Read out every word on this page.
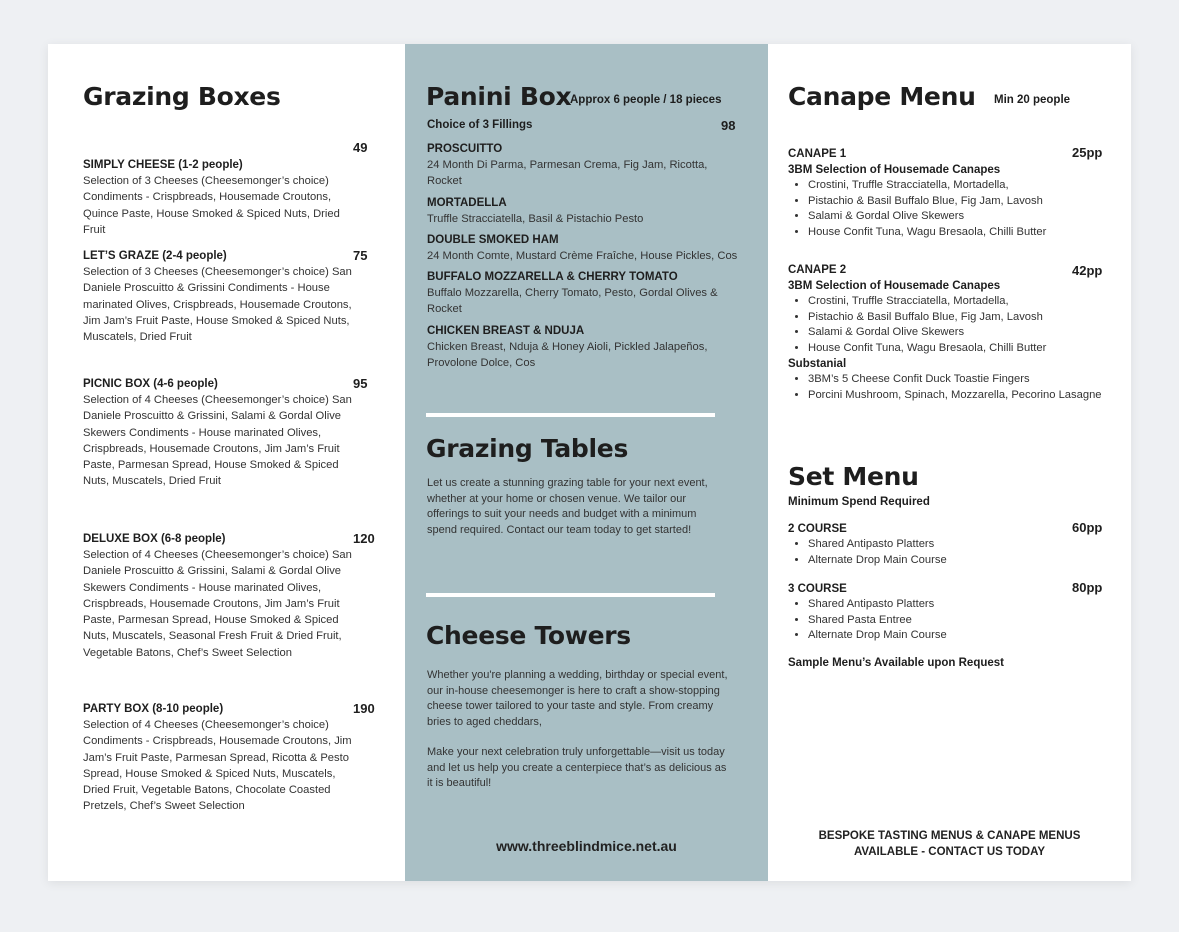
Grazing Boxes
49
SIMPLY CHEESE (1-2 people)
Selection of 3 Cheeses (Cheesemonger’s choice) Condiments - Crispbreads, Housemade Croutons, Quince Paste, House Smoked & Spiced Nuts, Dried Fruit
75
LET’S GRAZE (2-4 people)
Selection of 3 Cheeses (Cheesemonger’s choice) San Daniele Proscuitto & Grissini Condiments - House marinated Olives, Crispbreads, Housemade Croutons, Jim Jam’s Fruit Paste, House Smoked & Spiced Nuts, Muscatels, Dried Fruit
95
PICNIC BOX (4-6 people)
Selection of 4 Cheeses (Cheesemonger’s choice) San Daniele Proscuitto & Grissini, Salami & Gordal Olive Skewers Condiments - House marinated Olives, Crispbreads, Housemade Croutons, Jim Jam’s Fruit Paste, Parmesan Spread, House Smoked & Spiced Nuts, Muscatels, Dried Fruit
120
DELUXE BOX (6-8 people)
Selection of 4 Cheeses (Cheesemonger’s choice) San Daniele Proscuitto & Grissini, Salami & Gordal Olive Skewers Condiments - House marinated Olives, Crispbreads, Housemade Croutons, Jim Jam’s Fruit Paste, Parmesan Spread, House Smoked & Spiced Nuts, Muscatels, Seasonal Fresh Fruit & Dried Fruit, Vegetable Batons, Chef’s Sweet Selection
190
PARTY BOX (8-10 people)
Selection of 4 Cheeses (Cheesemonger’s choice) Condiments - Crispbreads, Housemade Croutons, Jim Jam’s Fruit Paste, Parmesan Spread, Ricotta & Pesto Spread, House Smoked & Spiced Nuts, Muscatels, Dried Fruit, Vegetable Batons, Chocolate Coasted Pretzels, Chef’s Sweet Selection
Panini Box
Approx 6 people / 18 pieces
Choice of 3 Fillings	98
PROSCUITTO
24 Month Di Parma, Parmesan Crema, Fig Jam, Ricotta, Rocket
MORTADELLA
Truffle Stracciatella, Basil & Pistachio Pesto
DOUBLE SMOKED HAM
24 Month Comte, Mustard Crème Fraîche, House Pickles, Cos
BUFFALO MOZZARELLA & CHERRY TOMATO
Buffalo Mozzarella, Cherry Tomato, Pesto, Gordal Olives & Rocket
CHICKEN BREAST & NDUJA
Chicken Breast, Nduja & Honey Aioli, Pickled Jalapeños, Provolone Dolce, Cos
Grazing Tables
Let us create a stunning grazing table for your next event, whether at your home or chosen venue. We tailor our offerings to suit your needs and budget with a minimum spend required. Contact our team today to get started!
Cheese Towers
Whether you're planning a wedding, birthday or special event, our in-house cheesemonger is here to craft a show-stopping cheese tower tailored to your taste and style. From creamy bries to aged cheddars,
Make your next celebration truly unforgettable—visit us today and let us help you create a centerpiece that’s as delicious as it is beautiful!
www.threeblindmice.net.au
Canape Menu Min 20 people
CANAPE 1
3BM Selection of Housemade Canapes
• Crostini, Truffle Stracciatella, Mortadella,
• Pistachio & Basil Buffalo Blue, Fig Jam, Lavosh
• Salami & Gordal Olive Skewers
• House Confit Tuna, Wagu Bresaola, Chilli Butter
25pp
CANAPE 2
3BM Selection of Housemade Canapes
• Crostini, Truffle Stracciatella, Mortadella,
• Pistachio & Basil Buffalo Blue, Fig Jam, Lavosh
• Salami & Gordal Olive Skewers
• House Confit Tuna, Wagu Bresaola, Chilli Butter
Substanial
• 3BM’s 5 Cheese Confit Duck Toastie Fingers
• Porcini Mushroom, Spinach, Mozzarella, Pecorino Lasagne
42pp
Set Menu
Minimum Spend Required
2 COURSE
• Shared Antipasto Platters
• Alternate Drop Main Course
60pp
3 COURSE
• Shared Antipasto Platters
• Shared Pasta Entree
• Alternate Drop Main Course
80pp
Sample Menu’s Available upon Request
BESPOKE TASTING MENUS & CANAPE MENUS
AVAILABLE - CONTACT US TODAY
